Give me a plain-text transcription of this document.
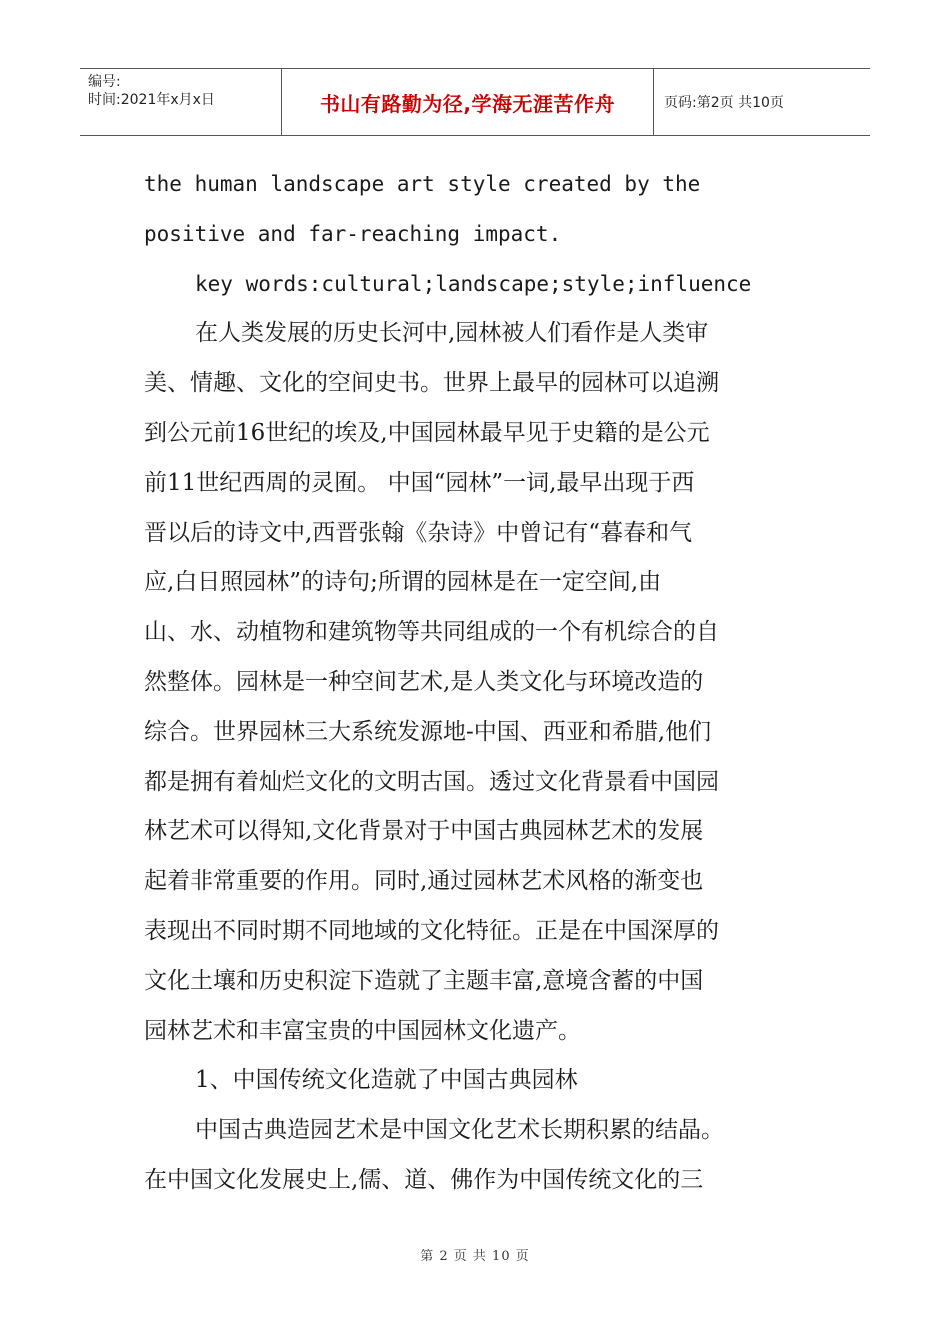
编号:
时间:2021年x月x日	书山有路勤为径,学海无涯苦作舟	页码:第2页 共10页
the human landscape art style created by the
positive and far-reaching impact.
key words:cultural;landscape;style;influence
在人类发展的历史长河中,园林被人们看作是人类审
美、情趣、文化的空间史书。世界上最早的园林可以追溯
到公元前16世纪的埃及,中国园林最早见于史籍的是公元
前11世纪西周的灵囿。 中国“园林”一词,最早出现于西
晋以后的诗文中,西晋张翰《杂诗》中曾记有“暮春和气
应,白日照园林”的诗句;所谓的园林是在一定空间,由
山、水、动植物和建筑物等共同组成的一个有机综合的自
然整体。园林是一种空间艺术,是人类文化与环境改造的
综合。世界园林三大系统发源地-中国、西亚和希腊,他们
都是拥有着灿烂文化的文明古国。透过文化背景看中国园
林艺术可以得知,文化背景对于中国古典园林艺术的发展
起着非常重要的作用。同时,通过园林艺术风格的渐变也
表现出不同时期不同地域的文化特征。正是在中国深厚的
文化土壤和历史积淀下造就了主题丰富,意境含蓄的中国
园林艺术和丰富宝贵的中国园林文化遗产。
1、中国传统文化造就了中国古典园林
中国古典造园艺术是中国文化艺术长期积累的结晶。
在中国文化发展史上,儒、道、佛作为中国传统文化的三
第 2 页 共 10 页
